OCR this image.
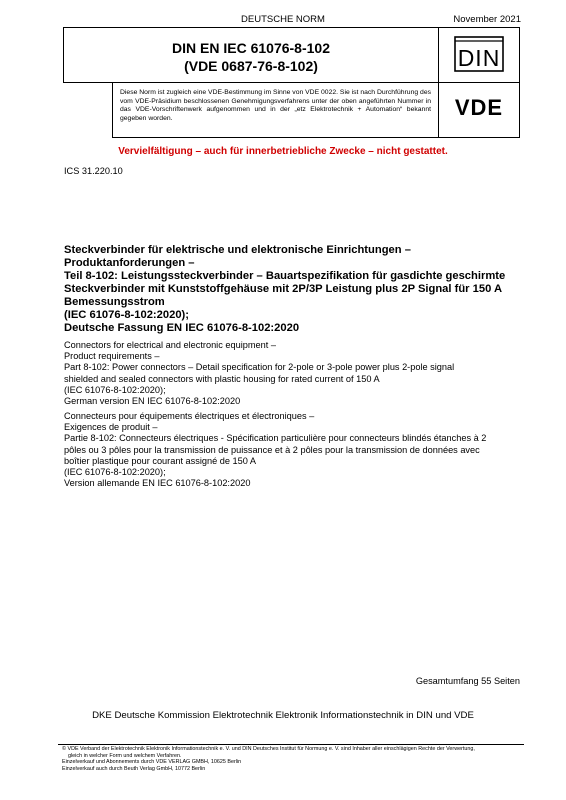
DEUTSCHE NORM	November 2021
DIN EN IEC 61076-8-102
(VDE 0687-76-8-102)	DIN
Diese Norm ist zugleich eine VDE-Bestimmung im Sinne von VDE 0022. Sie ist nach Durchführung des vom VDE-Präsidium beschlossenen Genehmigungsverfahrens unter der oben angeführten Nummer in das VDE-Vorschriftenwerk aufgenommen und in der „etz Elektrotechnik + Automation“ bekannt gegeben worden.	VDE
Vervielfältigung – auch für innerbetriebliche Zwecke – nicht gestattet.
ICS 31.220.10
Steckverbinder für elektrische und elektronische Einrichtungen –
Produktanforderungen –
Teil 8-102: Leistungssteckverbinder – Bauartspezifikation für gasdichte geschirmte
Steckverbinder mit Kunststoffgehäuse mit 2P/3P Leistung plus 2P Signal für 150 A
Bemessungsstrom
(IEC 61076-8-102:2020);
Deutsche Fassung EN IEC 61076-8-102:2020
Connectors for electrical and electronic equipment –
Product requirements –
Part 8-102: Power connectors – Detail specification for 2-pole or 3-pole power plus 2-pole signal
shielded and sealed connectors with plastic housing for rated current of 150 A
(IEC 61076-8-102:2020);
German version EN IEC 61076-8-102:2020
Connecteurs pour équipements électriques et électroniques –
Exigences de produit –
Partie 8-102: Connecteurs électriques - Spécification particulière pour connecteurs blindés étanches à 2
pôles ou 3 pôles pour la transmission de puissance et à 2 pôles pour la transmission de données avec
boîtier plastique pour courant assigné de 150 A
(IEC 61076-8-102:2020);
Version allemande EN IEC 61076-8-102:2020
Gesamtumfang 55 Seiten
DKE Deutsche Kommission Elektrotechnik Elektronik Informationstechnik in DIN und VDE
© VDE Verband der Elektrotechnik Elektronik Informationstechnik e. V. und DIN Deutsches Institut für Normung e. V. sind Inhaber aller einschlägigen Rechte der Verwertung,
gleich in welcher Form und welchem Verfahren.
Einzelverkauf und Abonnements durch VDE VERLAG GMBH, 10625 Berlin
Einzelverkauf auch durch Beuth Verlag GmbH, 10772 Berlin
